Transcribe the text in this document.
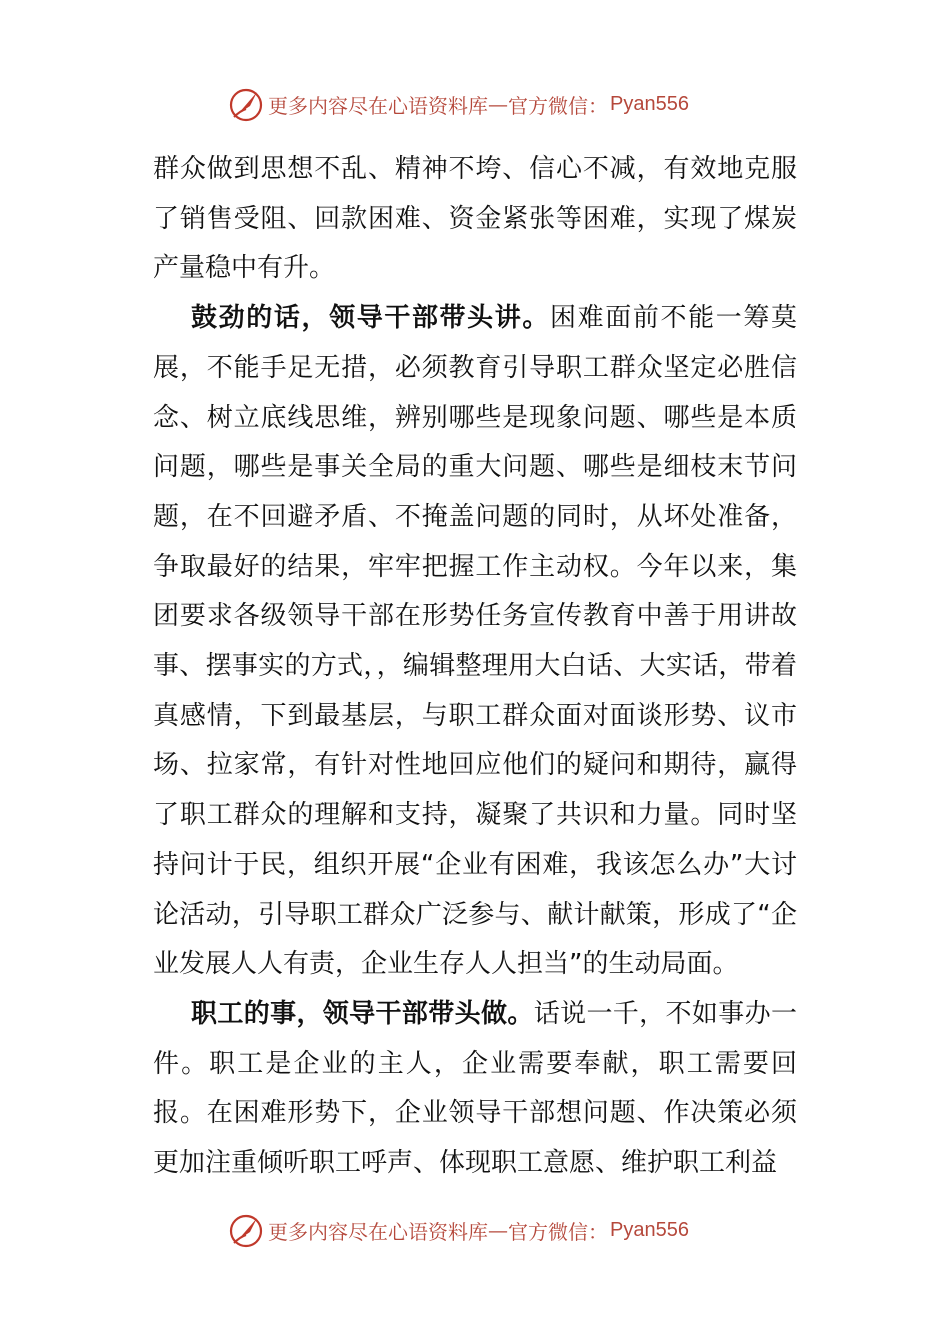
更多内容尽在心语资料库 — 官方微信： Pyan556

群众做到思想不乱、精神不垮、信心不减，有效地克服了销售受阻、回款困难、资金紧张等困难，实现了煤炭产量稳中有升。

鼓劲的话，领导干部带头讲。困难面前不能一筹莫展，不能手足无措，必须教育引导职工群众坚定必胜信念、树立底线思维，辨别哪些是现象问题、哪些是本质问题，哪些是事关全局的重大问题、哪些是细枝末节问题，在不回避矛盾、不掩盖问题的同时，从坏处准备，争取最好的结果，牢牢把握工作主动权。今年以来，集团要求各级领导干部在形势任务宣传教育中善于用讲故事、摆事实的方式，，编辑整理用大白话、大实话，带着真感情，下到最基层，与职工群众面对面谈形势、议市场、拉家常，有针对性地回应他们的疑问和期待，赢得了职工群众的理解和支持，凝聚了共识和力量。同时坚持问计于民，组织开展“企业有困难，我该怎么办”大讨论活动，引导职工群众广泛参与、献计献策，形成了“企业发展人人有责，企业生存人人担当”的生动局面。

职工的事，领导干部带头做。话说一千，不如事办一件。职工是企业的主人，企业需要奉献，职工需要回报。在困难形势下，企业领导干部想问题、作决策必须更加注重倾听职工呼声、体现职工意愿、维护职工利益

更多内容尽在心语资料库 — 官方微信： Pyan556
